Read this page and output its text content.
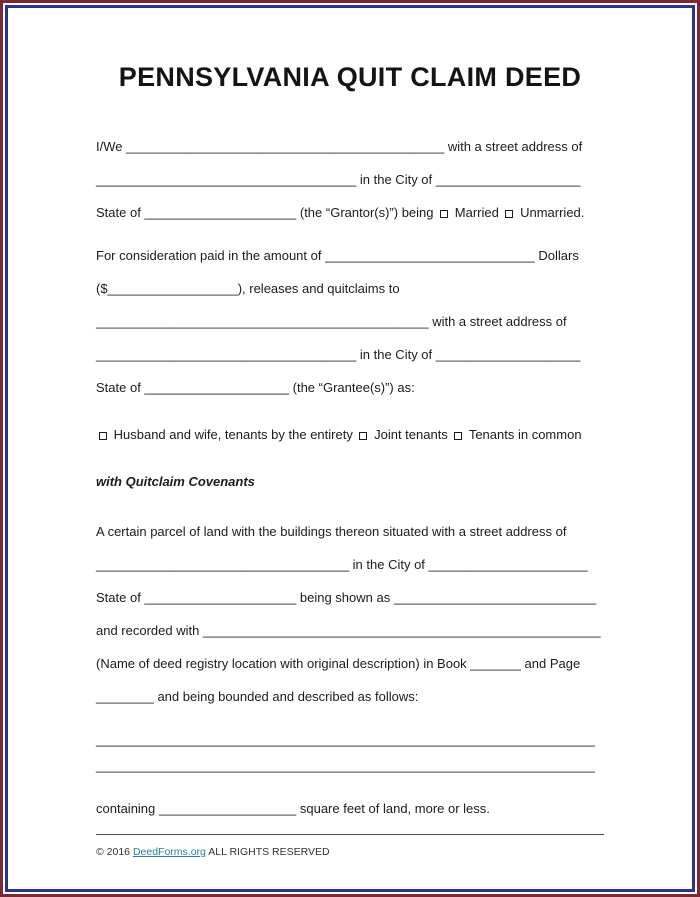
PENNSYLVANIA QUIT CLAIM DEED

I/We ____________________________________________ with a street address of

____________________________________ in the City of ____________________

State of _____________________ (the “Grantor(s)”) being Married Unmarried.

For consideration paid in the amount of _____________________________ Dollars

($__________________), releases and quitclaims to

______________________________________________ with a street address of

____________________________________ in the City of ____________________

State of ____________________ (the “Grantee(s)”) as:

Husband and wife, tenants by the entirety Joint tenants Tenants in common

with Quitclaim Covenants

A certain parcel of land with the buildings thereon situated with a street address of

___________________________________ in the City of ______________________

State of _____________________ being shown as ____________________________

and recorded with _______________________________________________________

(Name of deed registry location with original description) in Book _______ and Page

________ and being bounded and described as follows:

_____________________________________________________________________

_____________________________________________________________________

containing ___________________ square feet of land, more or less.

© 2016 DeedForms.org ALL RIGHTS RESERVED
